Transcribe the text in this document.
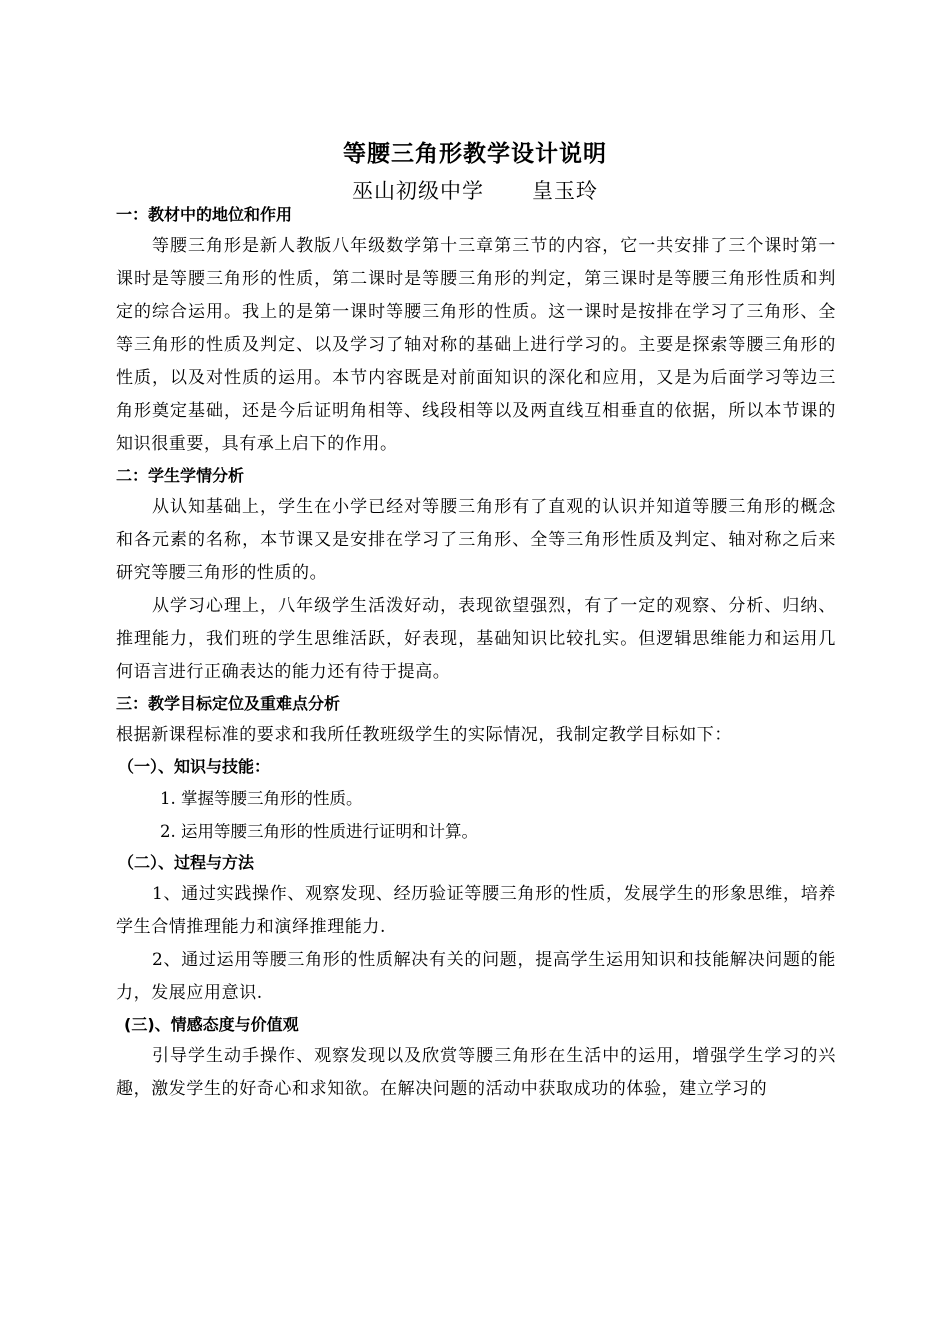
等腰三角形教学设计说明
巫山初级中学 皇玉玲
一：教材中的地位和作用

等腰三角形是新人教版八年级数学第十三章第三节的内容，它一共安排了三个课时第一课时是等腰三角形的性质，第二课时是等腰三角形的判定，第三课时是等腰三角形性质和判定的综合运用。我上的是第一课时等腰三角形的性质。这一课时是按排在学习了三角形、全等三角形的性质及判定、以及学习了轴对称的基础上进行学习的。主要是探索等腰三角形的性质，以及对性质的运用。本节内容既是对前面知识的深化和应用，又是为后面学习等边三角形奠定基础，还是今后证明角相等、线段相等以及两直线互相垂直的依据，所以本节课的知识很重要，具有承上启下的作用。

二：学生学情分析

从认知基础上，学生在小学已经对等腰三角形有了直观的认识并知道等腰三角形的概念和各元素的名称，本节课又是安排在学习了三角形、全等三角形性质及判定、轴对称之后来研究等腰三角形的性质的。

从学习心理上，八年级学生活泼好动，表现欲望强烈，有了一定的观察、分析、归纳、推理能力，我们班的学生思维活跃，好表现，基础知识比较扎实。但逻辑思维能力和运用几何语言进行正确表达的能力还有待于提高。

三：教学目标定位及重难点分析

根据新课程标准的要求和我所任教班级学生的实际情况，我制定教学目标如下：

（一）、知识与技能：

1. 掌握等腰三角形的性质。

2. 运用等腰三角形的性质进行证明和计算。

（二）、过程与方法

1、通过实践操作、观察发现、经历验证等腰三角形的性质，发展学生的形象思维，培养学生合情推理能力和演绎推理能力.

2、通过运用等腰三角形的性质解决有关的问题，提高学生运用知识和技能解决问题的能力，发展应用意识.

(三)、情感态度与价值观

引导学生动手操作、观察发现以及欣赏等腰三角形在生活中的运用，增强学生学习的兴趣，激发学生的好奇心和求知欲。在解决问题的活动中获取成功的体验，建立学习的
